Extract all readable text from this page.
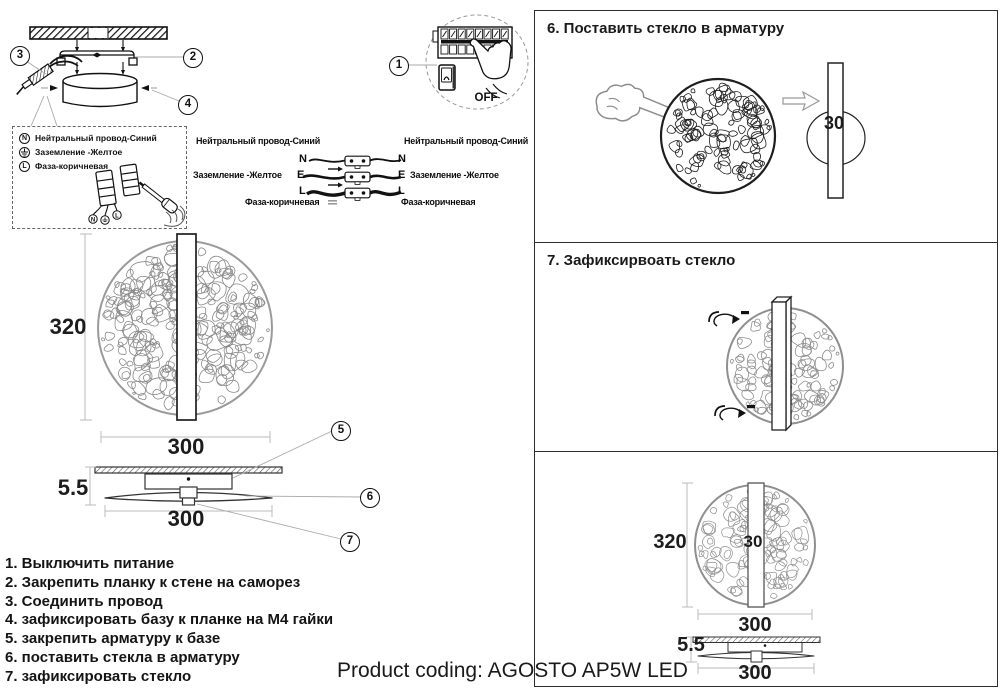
N Нейтральный провод-Синий
Заземление -Желтое
L Фаза-коричневая
N
L
OFF
1
2
3
4
5
6
7
Нейтральный провод-Синий	Нейтральный провод-Синий
Заземление -Желтое	Заземление -Желтое
Фаза-коричневая	Фаза-коричневая
N
E
L
N
E
L
320
300
5.5
300
1. Выключить питание
2. Закрепить планку к стене на саморез
3. Соединить провод
4. зафиксировать базу к планке на М4 гайки
5. закрепить арматуру к базе
6. поставить стекла в арматуру
7. зафиксировать стекло	Product coding: AGOSTO AP5W LED
6. Поставить стекло в арматуру
30
7. Зафиксирвоать стекло
320	30
300
5.5
300
